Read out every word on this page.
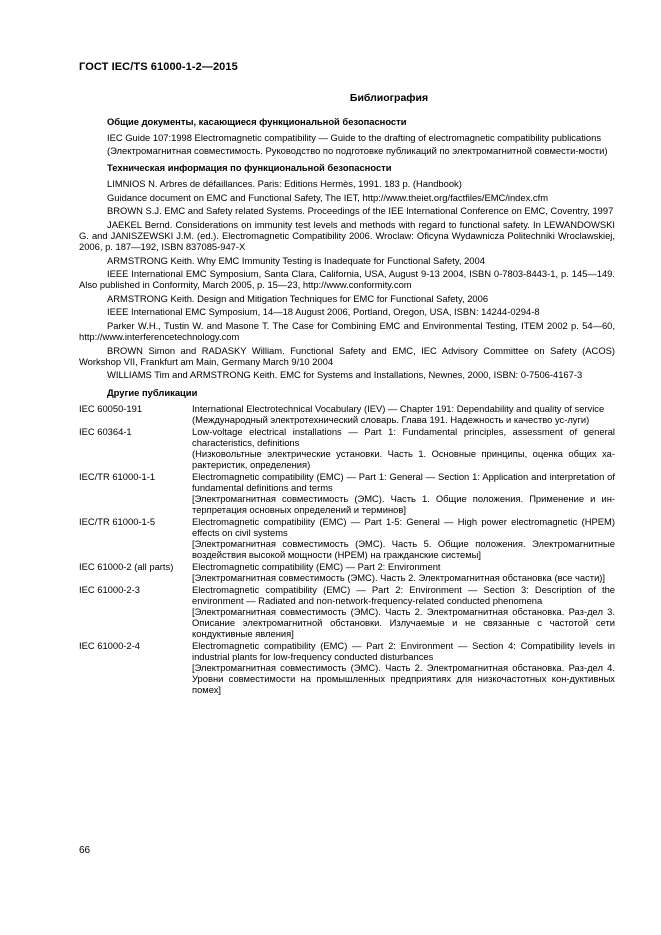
ГОСТ IEC/TS 61000-1-2—2015
Библиография
Общие документы, касающиеся функциональной безопасности

IEC Guide 107:1998 Electromagnetic compatibility — Guide to the drafting of electromagnetic compatibility publications

(Электромагнитная совместимость. Руководство по подготовке публикаций по электромагнитной совмести-мости)

Техническая информация по функциональной безопасности

LIMNIOS N. Arbres de défaillances. Paris: Editions Hermès, 1991. 183 p. (Handbook)

Guidance document on EMC and Functional Safety, The IET, http://www.theiet.org/factfiles/EMC/index.cfm

BROWN S.J. EMC and Safety related Systems. Proceedings of the IEE International Conference on EMC, Coventry, 1997

JAEKEL Bernd. Considerations on immunity test levels and methods with regard to functional safety. In LEWANDOWSKI G. and JANISZEWSKI J.M. (ed.). Electromagnetic Compatibility 2006. Wroclaw: Oficyna Wydawnicza Politechniki Wroclawskiej, 2006, p. 187—192, ISBN 837085-947-X

ARMSTRONG Keith. Why EMC Immunity Testing is Inadequate for Functional Safety, 2004

IEEE International EMC Symposium, Santa Clara, California, USA, August 9-13 2004, ISBN 0-7803-8443-1, p. 145—149. Also published in Conformity, March 2005, p. 15—23, http://www.conformity.com

ARMSTRONG Keith. Design and Mitigation Techniques for EMC for Functional Safety, 2006

IEEE International EMC Symposium, 14—18 August 2006, Portland, Oregon, USA, ISBN: 14244-0294-8

Parker W.H., Tustin W. and Masone T. The Case for Combining EMC and Environmental Testing, ITEM 2002 p. 54—60, http://www.interferencetechnology.com

BROWN Simon and RADASKY William. Functional Safety and EMC, IEC Advisory Committee on Safety (ACOS) Workshop VII, Frankfurt am Main, Germany March 9/10 2004

WILLIAMS Tim and ARMSTRONG Keith. EMC for Systems and Installations, Newnes, 2000, ISBN: 0-7506-4167-3

Другие публикации
IEC 60050-191	International Electrotechnical Vocabulary (IEV) — Chapter 191: Dependability and quality of service
(Международный электротехнический словарь. Глава 191. Надежность и качество ус-луги)

IEC 60364-1	Low-voltage electrical installations — Part 1: Fundamental principles, assessment of general characteristics, definitions
(Низковольтные электрические установки. Часть 1. Основные принципы, оценка общих ха-рактеристик, определения)

IEC/TR 61000-1-1	Electromagnetic compatibility (EMC) — Part 1: General — Section 1: Application and interpretation of fundamental definitions and terms
[Электромагнитная совместимость (ЭМС). Часть 1. Общие положения. Применение и ин-терпретация основных определений и терминов]

IEC/TR 61000-1-5	Electromagnetic compatibility (EMC) — Part 1-5: General — High power electromagnetic (HPEM) effects on civil systems
[Электромагнитная совместимость (ЭМС). Часть 5. Общие положения. Электромагнитные воздействия высокой мощности (HPEM) на гражданские системы]

IEC 61000-2 (all parts)	Electromagnetic compatibility (EMC) — Part 2: Environment
[Электромагнитная совместимость (ЭМС). Часть 2. Электромагнитная обстановка (все части)]

IEC 61000-2-3	Electromagnetic compatibility (EMC) — Part 2: Environment — Section 3: Description of the environment — Radiated and non-network-frequency-related conducted phenomena
[Электромагнитная совместимость (ЭМС). Часть 2. Электромагнитная обстановка. Раз-дел 3. Описание электромагнитной обстановки. Излучаемые и не связанные с частотой сети кондуктивные явления]

IEC 61000-2-4	Electromagnetic compatibility (EMC) — Part 2: Environment — Section 4: Compatibility levels in industrial plants for low-frequency conducted disturbances
[Электромагнитная совместимость (ЭМС). Часть 2. Электромагнитная обстановка. Раз-дел 4. Уровни совместимости на промышленных предприятиях для низкочастотных кон-дуктивных помех]
66
